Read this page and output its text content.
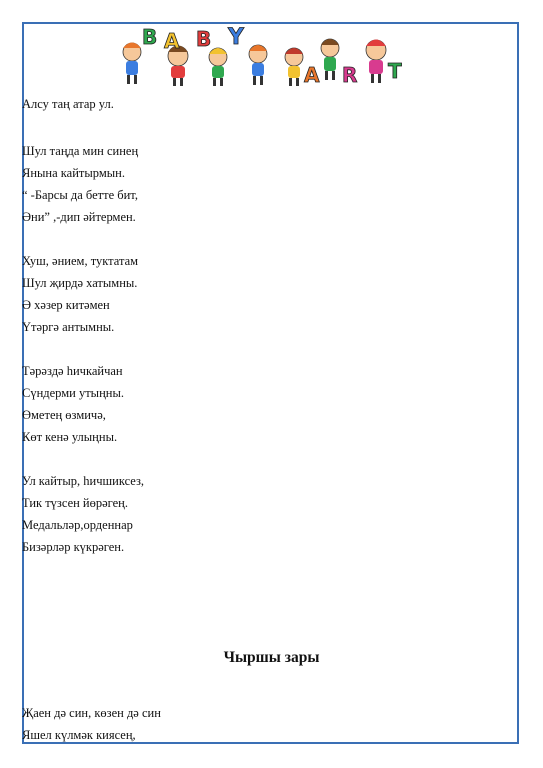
B A B Y
A R T
Алсу таң атар ул.
Шул таңда мин синең
Янына кайтырмын.
“ -Барсы да бетте бит,
Әни” ,-дип әйтермен.
Хуш, әнием, туктатам
Шул җирдә хатымны.
Ә хәзер китәмен
Үтәргә антымны.
Тәрәздә һичкайчан
Сүндерми утыңны.
Өметең өзмичә,
Көт кенә улыңны.
Ул кайтыр, һичшиксез,
Тик түзсен йөрәгең.
Медальләр,орденнар
Бизәрләр күкрәген.
Чыршы зары
Җаен дә син, көзен дә син
Яшел күлмәк киясең,
